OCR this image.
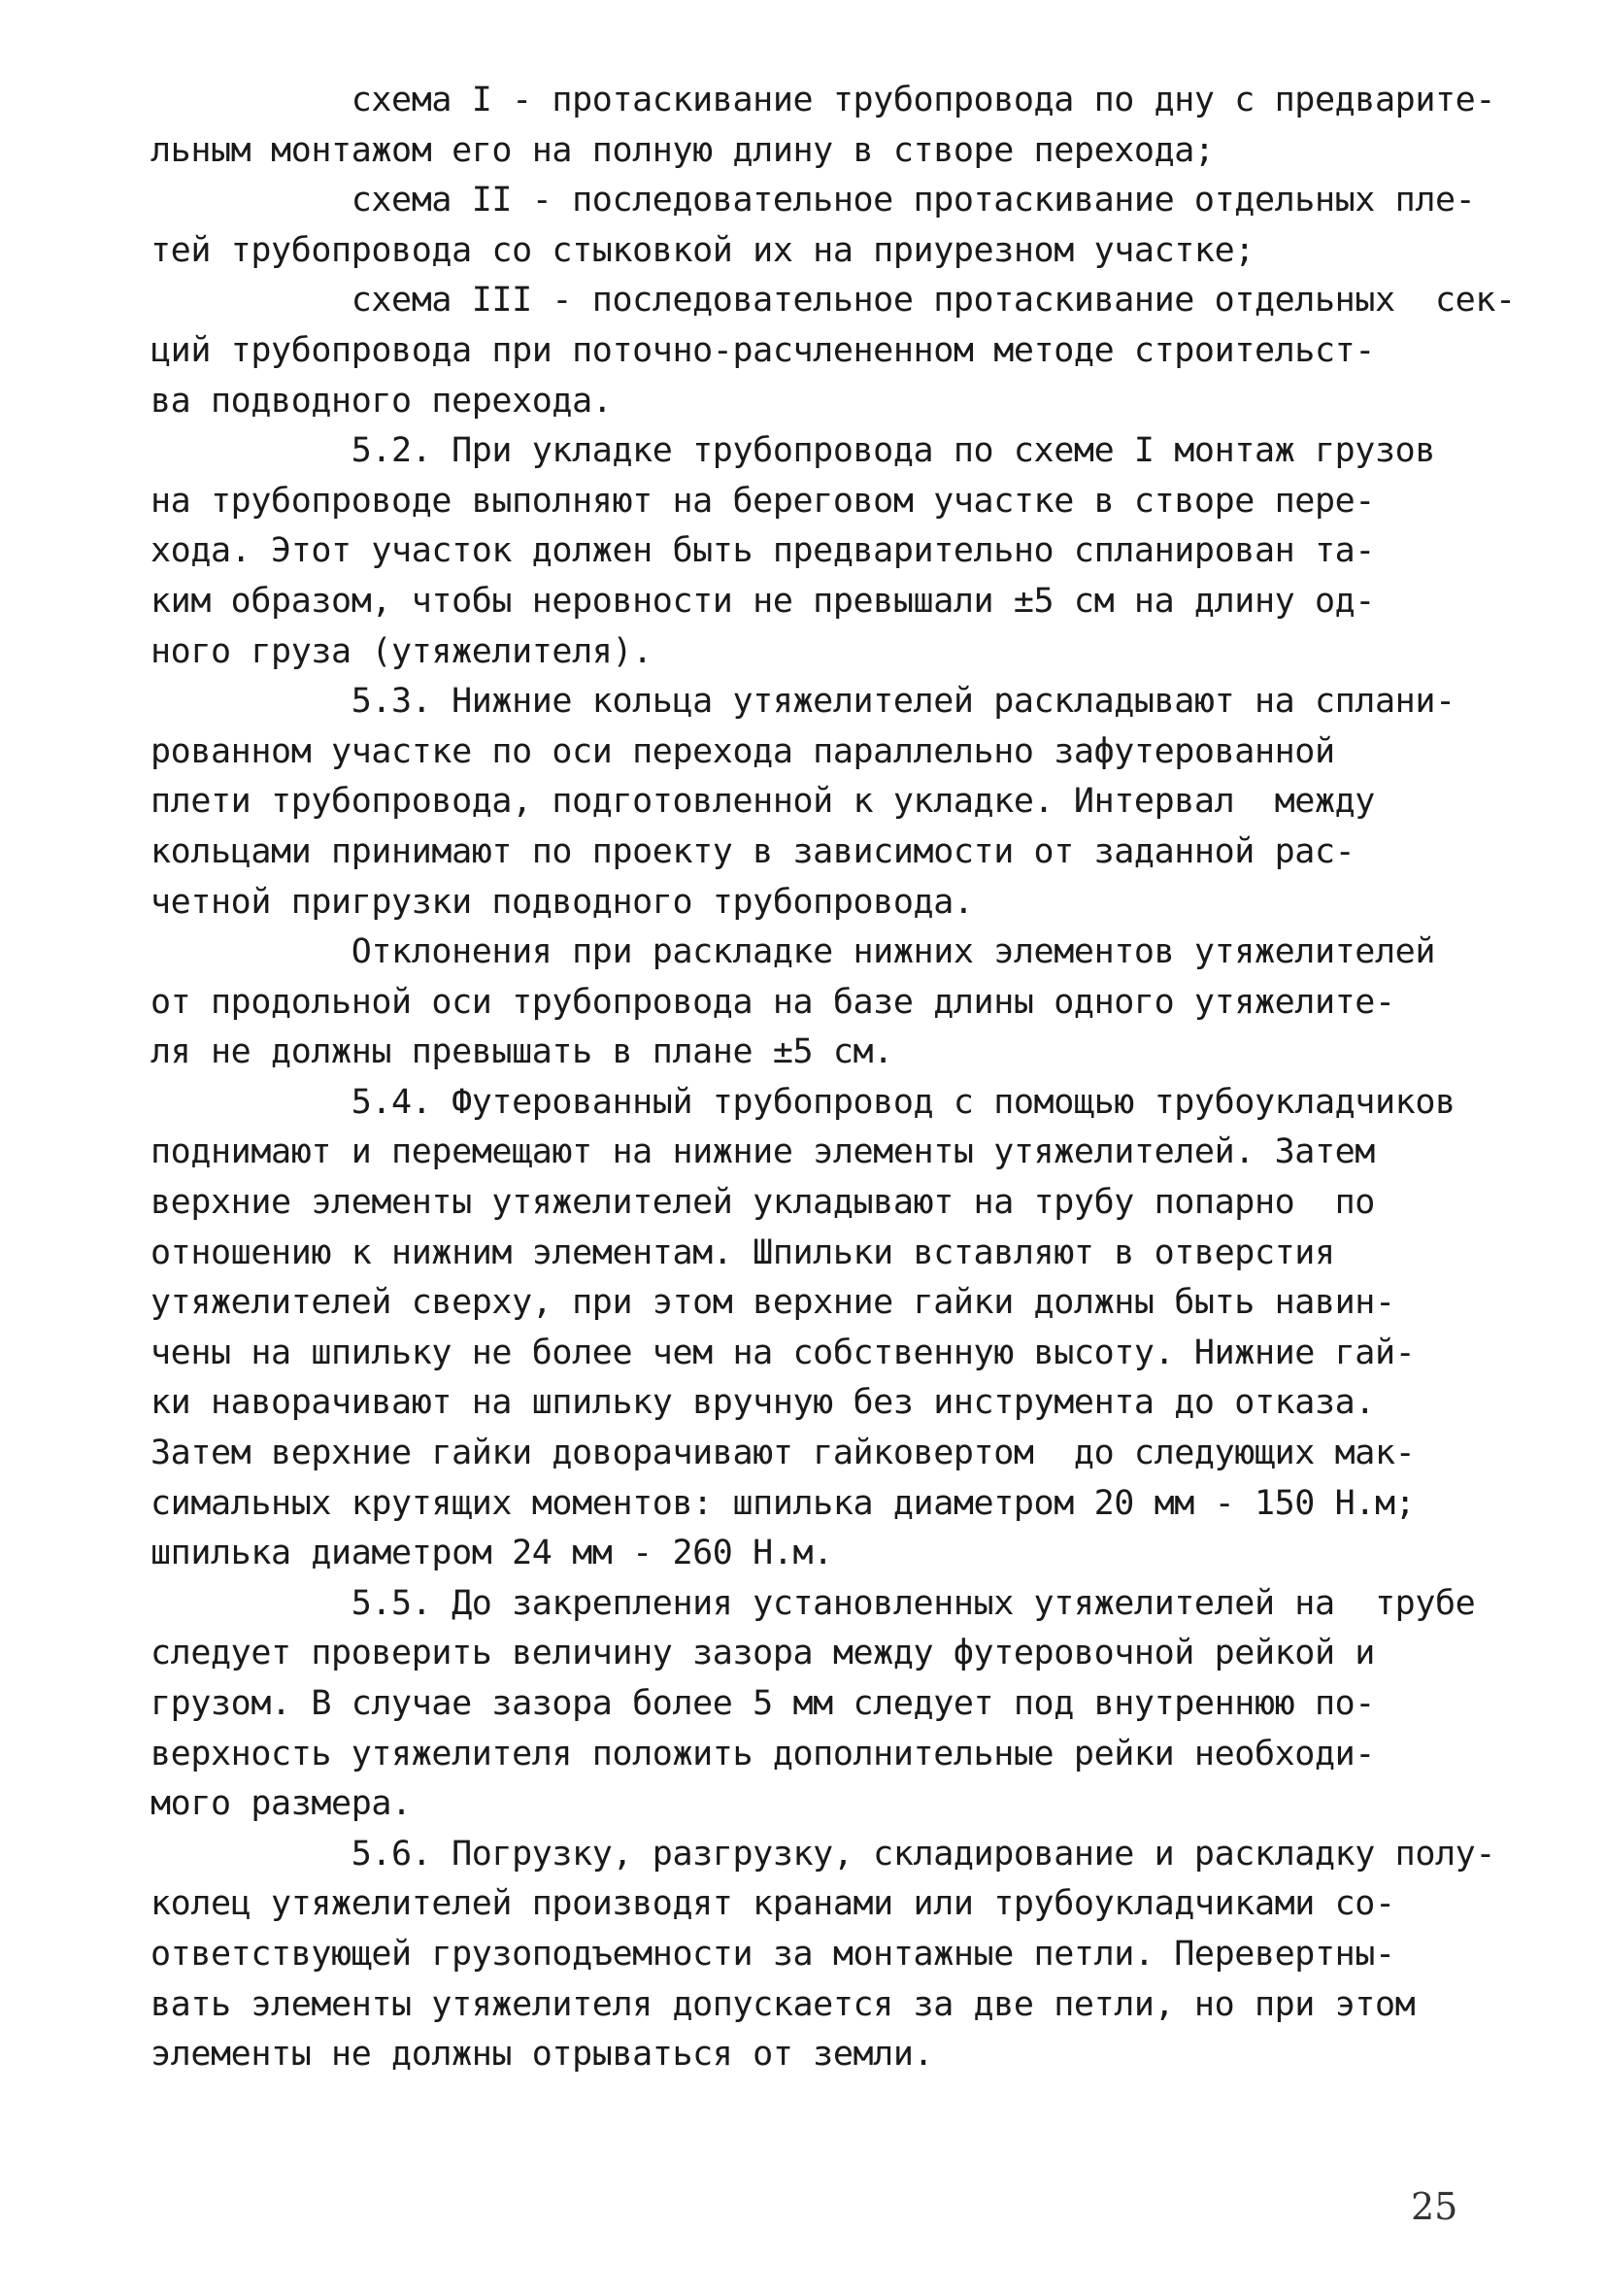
схема I - протаскивание трубопровода по дну с предварите-
льным монтажом его на полную длину в створе перехода;
схема II - последовательное протаскивание отдельных пле-
тей трубопровода со стыковкой их на приурезном участке;
схема III - последовательное протаскивание отдельных  сек-
ций трубопровода при поточно-расчлененном методе строительст-
ва подводного перехода.
5.2. При укладке трубопровода по схеме I монтаж грузов
на трубопроводе выполняют на береговом участке в створе пере-
хода. Этот участок должен быть предварительно спланирован та-
ким образом, чтобы неровности не превышали ±5 см на длину од-
ного груза (утяжелителя).
5.3. Нижние кольца утяжелителей раскладывают на сплани-
рованном участке по оси перехода параллельно зафутерованной
плети трубопровода, подготовленной к укладке. Интервал  между
кольцами принимают по проекту в зависимости от заданной рас-
четной пригрузки подводного трубопровода.
Отклонения при раскладке нижних элементов утяжелителей
от продольной оси трубопровода на базе длины одного утяжелите-
ля не должны превышать в плане ±5 см.
5.4. Футерованный трубопровод с помощью трубоукладчиков
поднимают и перемещают на нижние элементы утяжелителей. Затем
верхние элементы утяжелителей укладывают на трубу попарно  по
отношению к нижним элементам. Шпильки вставляют в отверстия
утяжелителей сверху, при этом верхние гайки должны быть навин-
чены на шпильку не более чем на собственную высоту. Нижние гай-
ки наворачивают на шпильку вручную без инструмента до отказа.
Затем верхние гайки доворачивают гайковертом  до следующих мак-
симальных крутящих моментов: шпилька диаметром 20 мм - 150 Н.м;
шпилька диаметром 24 мм - 260 Н.м.
5.5. До закрепления установленных утяжелителей на  трубе
следует проверить величину зазора между футеровочной рейкой и
грузом. В случае зазора более 5 мм следует под внутреннюю по-
верхность утяжелителя положить дополнительные рейки необходи-
мого размера.
5.6. Погрузку, разгрузку, складирование и раскладку полу-
колец утяжелителей производят кранами или трубоукладчиками со-
ответствующей грузоподъемности за монтажные петли. Перевертны-
вать элементы утяжелителя допускается за две петли, но при этом
элементы не должны отрываться от земли.
25
